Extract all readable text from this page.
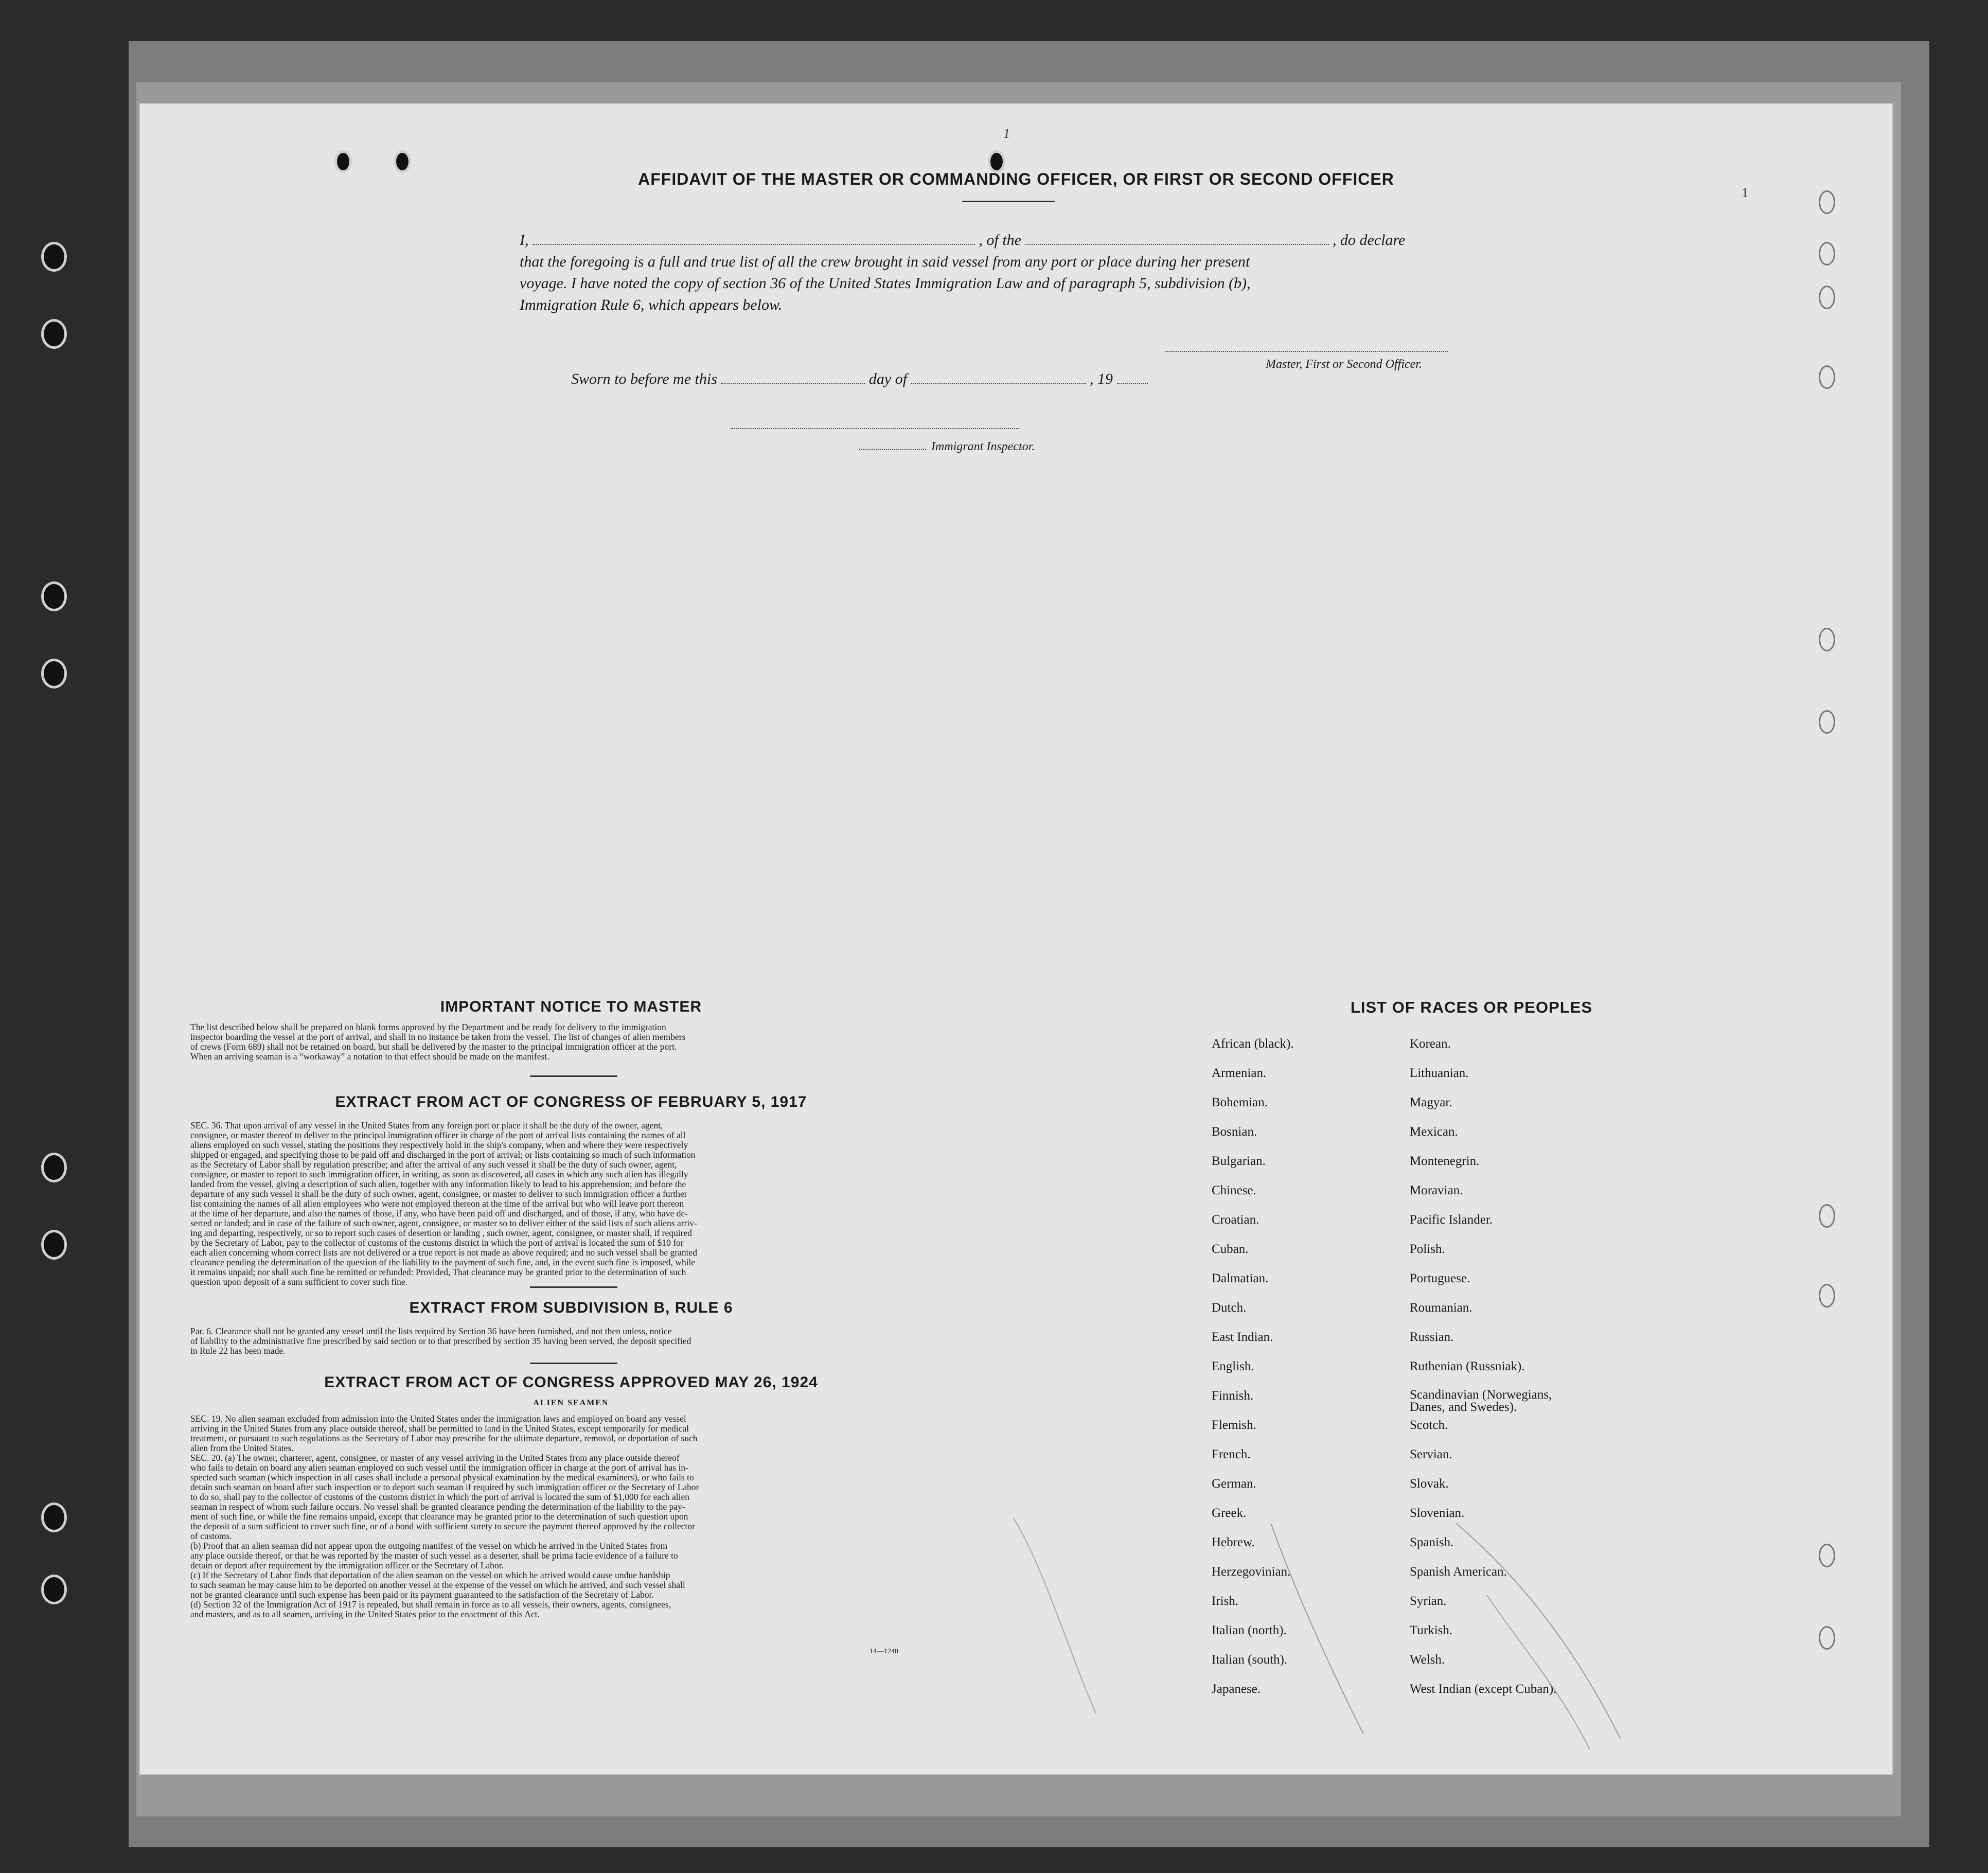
1
1
AFFIDAVIT OF THE MASTER OR COMMANDING OFFICER, OR FIRST OR SECOND OFFICER
I,	, of the	, do declare
that the foregoing is a full and true list of all the crew brought in said vessel from any port or place during her present
voyage. I have noted the copy of section 36 of the United States Immigration Law and of paragraph 5, subdivision (b),
Immigration Rule 6, which appears below.
Master, First or Second Officer.
Sworn to before me this	day of	, 19
Immigrant Inspector.
IMPORTANT NOTICE TO MASTER
The list described below shall be prepared on blank forms approved by the Department and be ready for delivery to the immigration
inspector boarding the vessel at the port of arrival, and shall in no instance be taken from the vessel. The list of changes of alien members
of crews (Form 689) shall not be retained on board, but shall be delivered by the master to the principal immigration officer at the port.
When an arriving seaman is a “workaway” a notation to that effect should be made on the manifest.
EXTRACT FROM ACT OF CONGRESS OF FEBRUARY 5, 1917
SEC. 36. That upon arrival of any vessel in the United States from any foreign port or place it shall be the duty of the owner, agent,
consignee, or master thereof to deliver to the principal immigration officer in charge of the port of arrival lists containing the names of all
aliens employed on such vessel, stating the positions they respectively hold in the ship's company, when and where they were respectively
shipped or engaged, and specifying those to be paid off and discharged in the port of arrival; or lists containing so much of such information
as the Secretary of Labor shall by regulation prescribe; and after the arrival of any such vessel it shall be the duty of such owner, agent,
consignee, or master to report to such immigration officer, in writing, as soon as discovered, all cases in which any such alien has illegally
landed from the vessel, giving a description of such alien, together with any information likely to lead to his apprehension; and before the
departure of any such vessel it shall be the duty of such owner, agent, consignee, or master to deliver to such immigration officer a further
list containing the names of all alien employees who were not employed thereon at the time of the arrival but who will leave port thereon
at the time of her departure, and also the names of those, if any, who have been paid off and discharged, and of those, if any, who have de-
serted or landed; and in case of the failure of such owner, agent, consignee, or master so to deliver either of the said lists of such aliens arriv-
ing and departing, respectively, or so to report such cases of desertion or landing , such owner, agent, consignee, or master shall, if required
by the Secretary of Labor, pay to the collector of customs of the customs district in which the port of arrival is located the sum of $10 for
each alien concerning whom correct lists are not delivered or a true report is not made as above required; and no such vessel shall be granted
clearance pending the determination of the question of the liability to the payment of such fine, and, in the event such fine is imposed, while
it remains unpaid; nor shall such fine be remitted or refunded: Provided, That clearance may be granted prior to the determination of such
question upon deposit of a sum sufficient to cover such fine.
EXTRACT FROM SUBDIVISION B, RULE 6
Par. 6. Clearance shall not be granted any vessel until the lists required by Section 36 have been furnished, and not then unless, notice
of liability to the administrative fine prescribed by said section or to that prescribed by section 35 having been served, the deposit specified
in Rule 22 has been made.
EXTRACT FROM ACT OF CONGRESS APPROVED MAY 26, 1924
ALIEN SEAMEN
SEC. 19. No alien seaman excluded from admission into the United States under the immigration laws and employed on board any vessel
arriving in the United States from any place outside thereof, shall be permitted to land in the United States, except temporarily for medical
treatment, or pursuant to such regulations as the Secretary of Labor may prescribe for the ultimate departure, removal, or deportation of such
alien from the United States.
SEC. 20. (a) The owner, charterer, agent, consignee, or master of any vessel arriving in the United States from any place outside thereof
who fails to detain on board any alien seaman employed on such vessel until the immigration officer in charge at the port of arrival has in-
spected such seaman (which inspection in all cases shall include a personal physical examination by the medical examiners), or who fails to
detain such seaman on board after such inspection or to deport such seaman if required by such immigration officer or the Secretary of Labor
to do so, shall pay to the collector of customs of the customs district in which the port of arrival is located the sum of $1,000 for each alien
seaman in respect of whom such failure occurs. No vessel shall be granted clearance pending the determination of the liability to the pay-
ment of such fine, or while the fine remains unpaid, except that clearance may be granted prior to the determination of such question upon
the deposit of a sum sufficient to cover such fine, or of a bond with sufficient surety to secure the payment thereof approved by the collector
of customs.
(b) Proof that an alien seaman did not appear upon the outgoing manifest of the vessel on which he arrived in the United States from
any place outside thereof, or that he was reported by the master of such vessel as a deserter, shall be prima facie evidence of a failure to
detain or deport after requirement by the immigration officer or the Secretary of Labor.
(c) If the Secretary of Labor finds that deportation of the alien seaman on the vessel on which he arrived would cause undue hardship
to such seaman he may cause him to be deported on another vessel at the expense of the vessel on which he arrived, and such vessel shall
not be granted clearance until such expense has been paid or its payment guaranteed to the satisfaction of the Secretary of Labor.
(d) Section 32 of the Immigration Act of 1917 is repealed, but shall remain in force as to all vessels, their owners, agents, consignees,
and masters, and as to all seamen, arriving in the United States prior to the enactment of this Act.
14—1240
LIST OF RACES OR PEOPLES
African (black).
Armenian.
Bohemian.
Bosnian.
Bulgarian.
Chinese.
Croatian.
Cuban.
Dalmatian.
Dutch.
East Indian.
English.
Finnish.
Flemish.
French.
German.
Greek.
Hebrew.
Herzegovinian.
Irish.
Italian (north).
Italian (south).
Japanese.
Korean.
Lithuanian.
Magyar.
Mexican.
Montenegrin.
Moravian.
Pacific Islander.
Polish.
Portuguese.
Roumanian.
Russian.
Ruthenian (Russniak).
Scandinavian (Norwegians, Danes, and Swedes).
Scotch.
Servian.
Slovak.
Slovenian.
Spanish.
Spanish American.
Syrian.
Turkish.
Welsh.
West Indian (except Cuban).
